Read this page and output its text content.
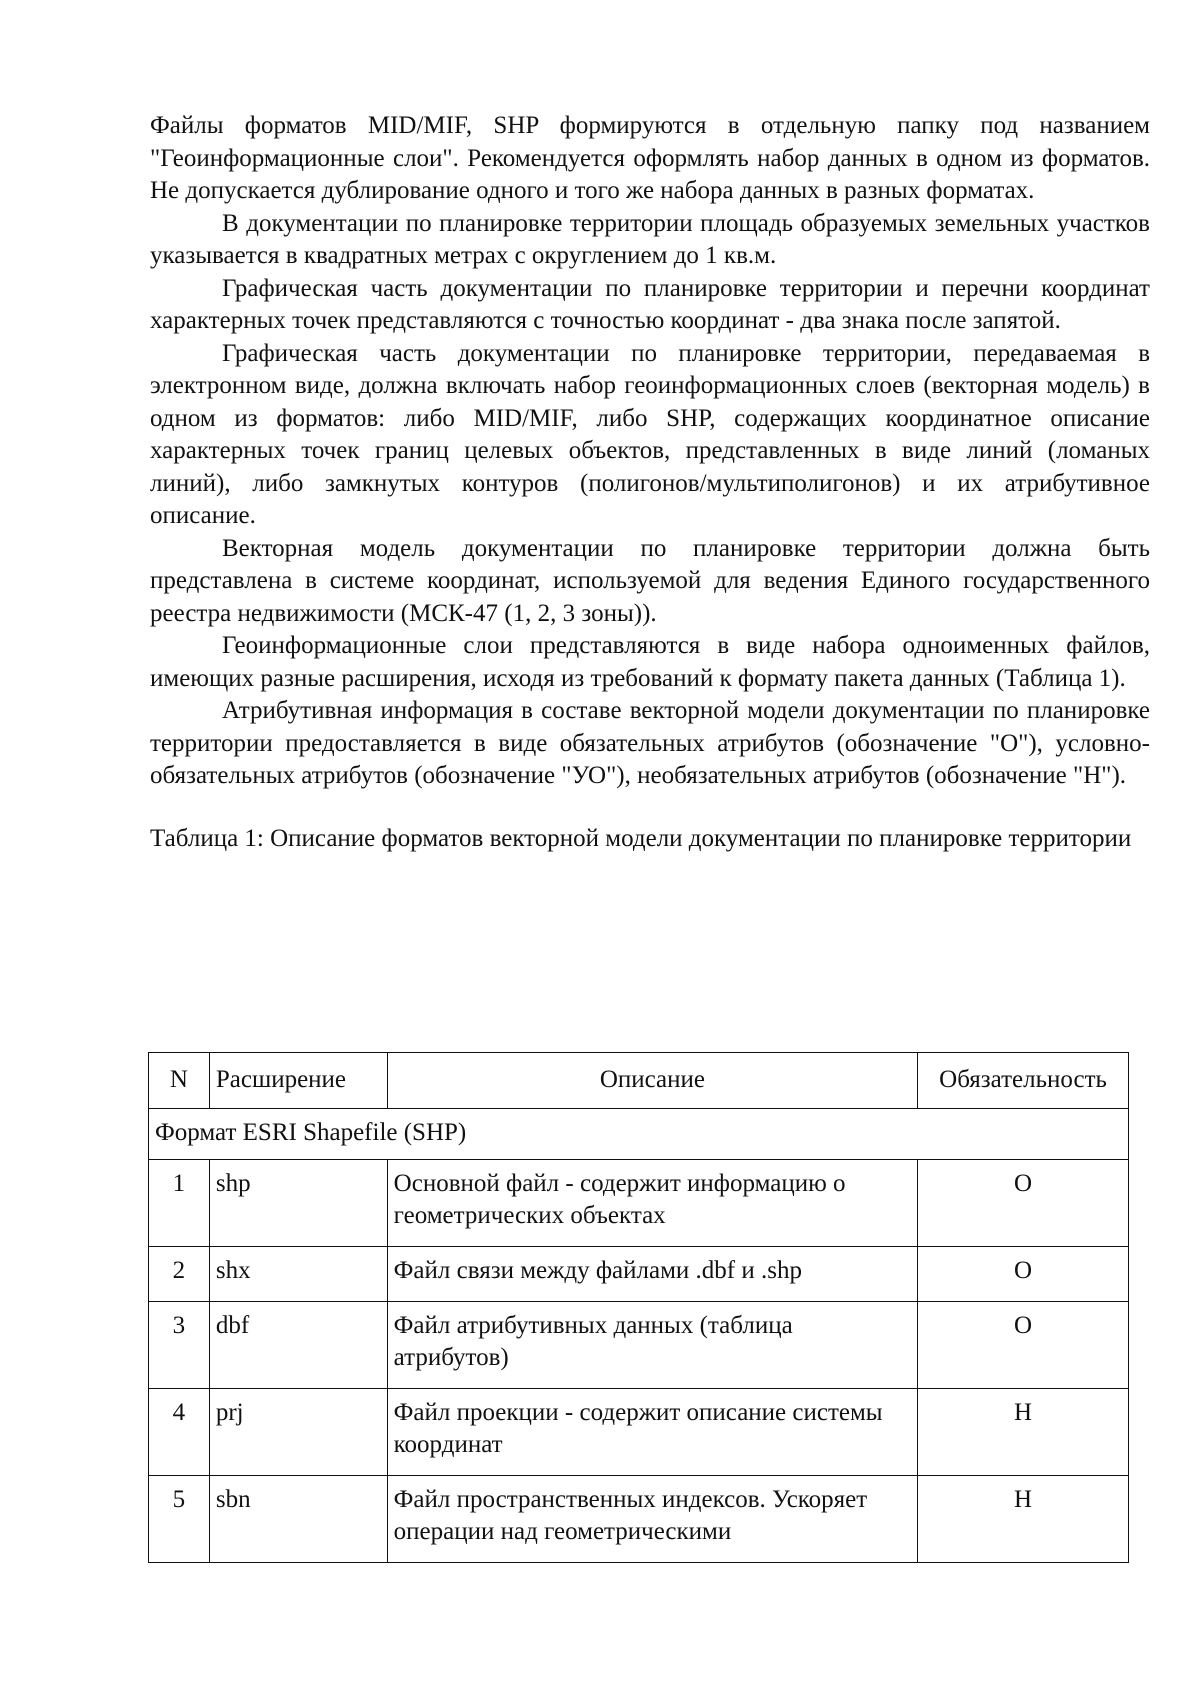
Файлы форматов MID/MIF, SHP формируются в отдельную папку под названием "Геоинформационные слои". Рекомендуется оформлять набор данных в одном из форматов. Не допускается дублирование одного и того же набора данных в разных форматах.

В документации по планировке территории площадь образуемых земельных участков указывается в квадратных метрах с округлением до 1 кв.м.

Графическая часть документации по планировке территории и перечни координат характерных точек представляются с точностью координат - два знака после запятой.

Графическая часть документации по планировке территории, передаваемая в электронном виде, должна включать набор геоинформационных слоев (векторная модель) в одном из форматов: либо MID/MIF, либо SHP, содержащих координатное описание характерных точек границ целевых объектов, представленных в виде линий (ломаных линий), либо замкнутых контуров (полигонов/мультиполигонов) и их атрибутивное описание.

Векторная модель документации по планировке территории должна быть представлена в системе координат, используемой для ведения Единого государственного реестра недвижимости (МСК-47 (1, 2, 3 зоны)).

Геоинформационные слои представляются в виде набора одноименных файлов, имеющих разные расширения, исходя из требований к формату пакета данных (Таблица 1).

Атрибутивная информация в составе векторной модели документации по планировке территории предоставляется в виде обязательных атрибутов (обозначение "О"), условно-обязательных атрибутов (обозначение "УО"), необязательных атрибутов (обозначение "Н").

Таблица 1: Описание форматов векторной модели документации по планировке территории

N	Расширение	Описание	Обязательность
Формат ESRI Shapefile (SHP)			
1	shp	Основной файл - содержит информацию о геометрических объектах	О
2	shx	Файл связи между файлами .dbf и .shp	О
3	dbf	Файл атрибутивных данных (таблица атрибутов)	О
4	prj	Файл проекции - содержит описание системы координат	Н
5	sbn	Файл пространственных индексов. Ускоряет операции над геометрическими	Н
